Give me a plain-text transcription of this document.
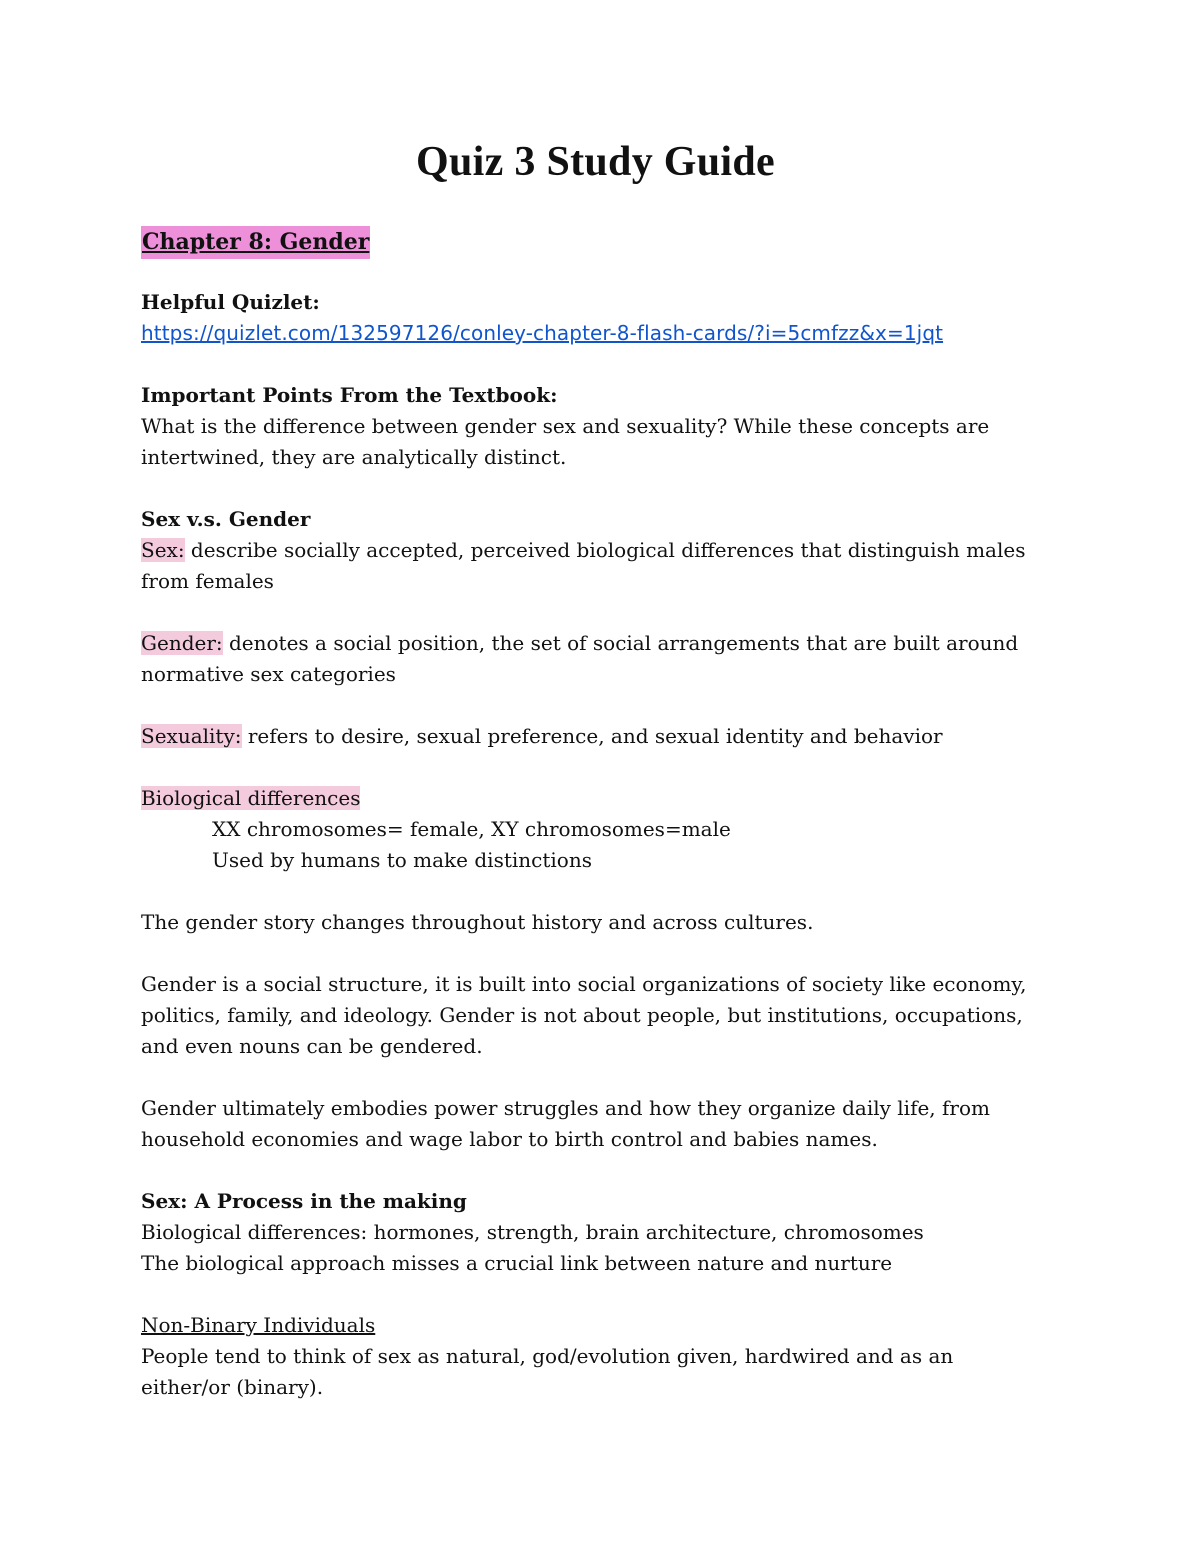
Quiz 3 Study Guide
Chapter 8: Gender
Helpful Quizlet:
https://quizlet.com/132597126/conley-chapter-8-flash-cards/?i=5cmfzz&x=1jqt
Important Points From the Textbook:
What is the difference between gender sex and sexuality? While these concepts are
intertwined, they are analytically distinct.
Sex v.s. Gender
Sex: describe socially accepted, perceived biological differences that distinguish males
from females
Gender: denotes a social position, the set of social arrangements that are built around
normative sex categories
Sexuality: refers to desire, sexual preference, and sexual identity and behavior
Biological differences
XX chromosomes= female, XY chromosomes=male
Used by humans to make distinctions
The gender story changes throughout history and across cultures.
Gender is a social structure, it is built into social organizations of society like economy,
politics, family, and ideology. Gender is not about people, but institutions, occupations,
and even nouns can be gendered.
Gender ultimately embodies power struggles and how they organize daily life, from
household economies and wage labor to birth control and babies names.
Sex: A Process in the making
Biological differences: hormones, strength, brain architecture, chromosomes
The biological approach misses a crucial link between nature and nurture
Non-Binary Individuals
People tend to think of sex as natural, god/evolution given, hardwired and as an
either/or (binary).
